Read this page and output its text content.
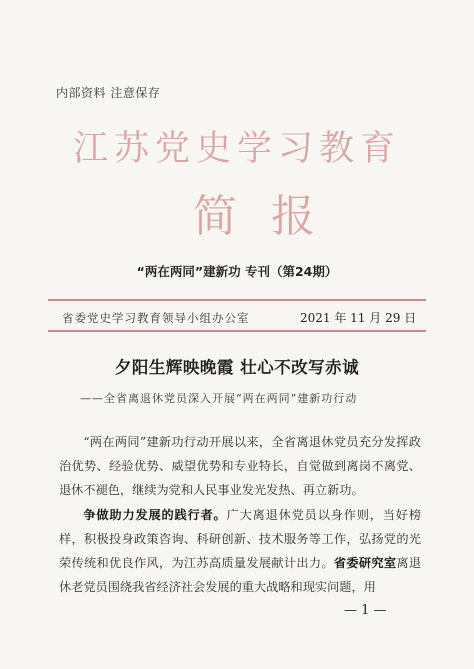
内部资料 注意保存
江苏党史学习教育
简报
“两在两同”建新功 专刊（第24期）
省委党史学习教育领导小组办公室	2021 年 11 月 29 日
夕阳生辉映晚霞 壮心不改写赤诚
——全省离退休党员深入开展“两在两同”建新功行动

“两在两同”建新功行动开展以来，全省离退休党员充分发挥政治优势、经验优势、威望优势和专业特长，自觉做到离岗不离党、退休不褪色，继续为党和人民事业发光发热、再立新功。

争做助力发展的践行者。广大离退休党员以身作则，当好榜样，积极投身政策咨询、科研创新、技术服务等工作，弘扬党的光荣传统和优良作风，为江苏高质量发展献计出力。省委研究室离退休老党员围绕我省经济社会发展的重大战略和现实问题，用

— 1 —
